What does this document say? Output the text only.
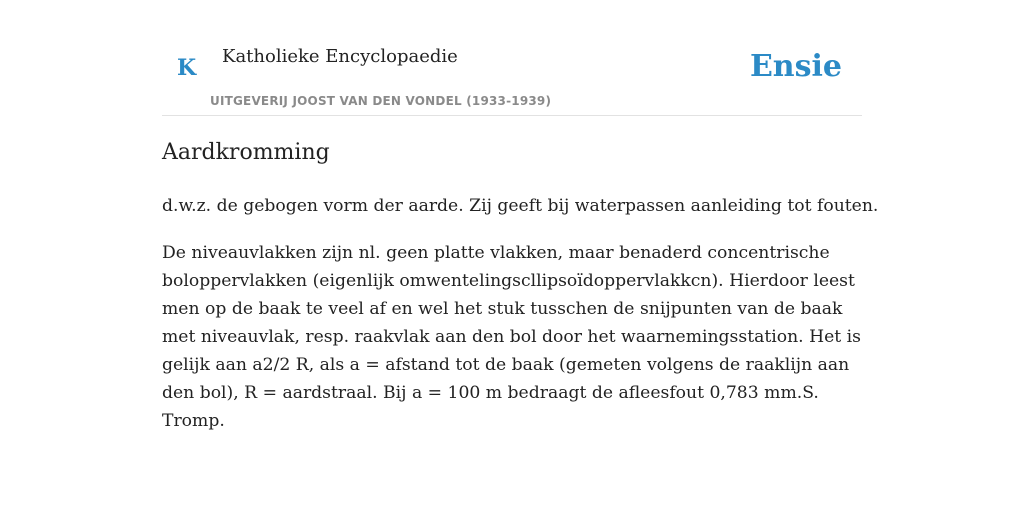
K Katholieke Encyclopaedie
UITGEVERIJ JOOST VAN DEN VONDEL (1933-1939)
Ensie
Aardkromming

d.w.z. de gebogen vorm der aarde. Zij geeft bij waterpassen aanleiding tot fouten.

De niveauvlakken zijn nl. geen platte vlakken, maar benaderd concentrische boloppervlakken (eigenlijk omwentelingscllipsoïdoppervlakkcn). Hierdoor leest men op de baak te veel af en wel het stuk tusschen de snijpunten van de baak met niveauvlak, resp. raakvlak aan den bol door het waarnemingsstation. Het is gelijk aan a2/2 R, als a = afstand tot de baak (gemeten volgens de raaklijn aan den bol), R = aardstraal. Bij a = 100 m bedraagt de afleesfout 0,783 mm.S. Tromp.
